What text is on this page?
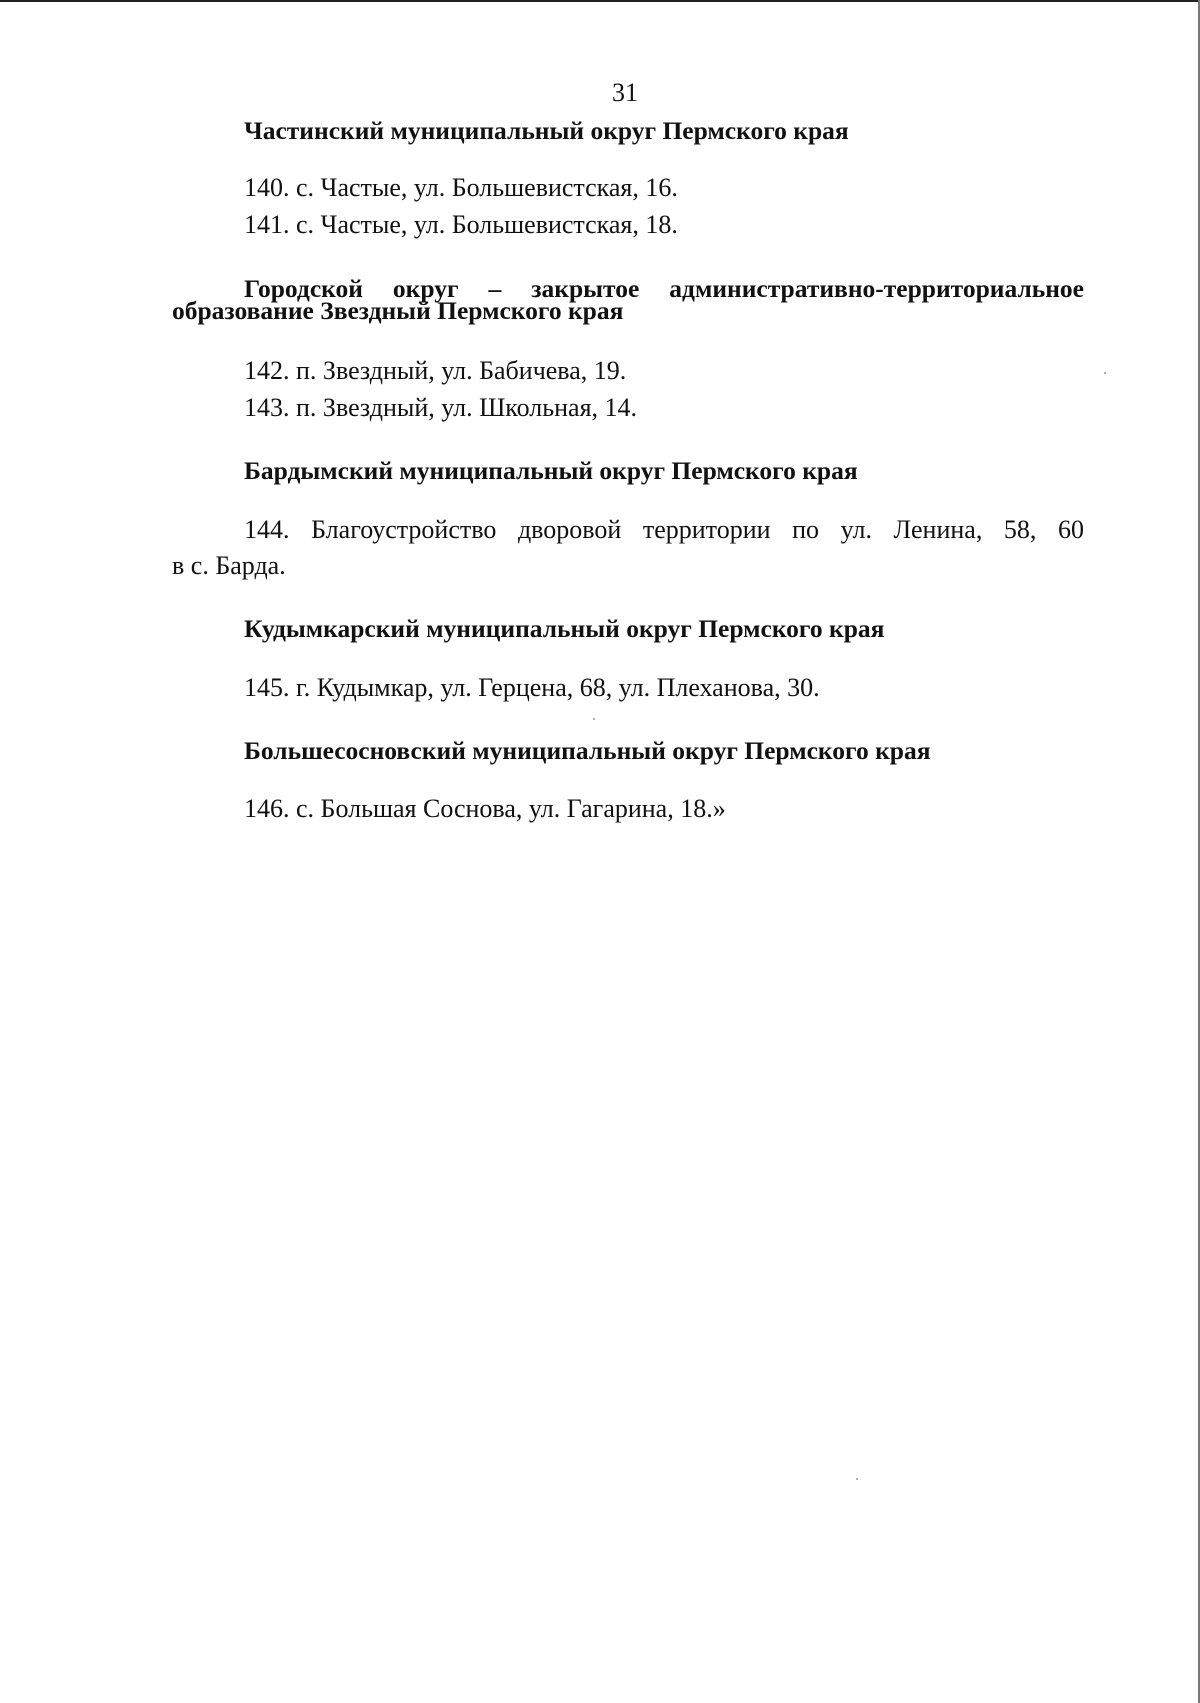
31
Частинский муниципальный округ Пермского края
140. с. Частые, ул. Большевистская, 16.
141. с. Частые, ул. Большевистская, 18.
Городской округ – закрытое административно-территориальное
образование Звездный Пермского края
142. п. Звездный, ул. Бабичева, 19.
143. п. Звездный, ул. Школьная, 14.
Бардымский муниципальный округ Пермского края
144. Благоустройство дворовой территории по ул. Ленина, 58, 60
в с. Барда.
Кудымкарский муниципальный округ Пермского края
145. г. Кудымкар, ул. Герцена, 68, ул. Плеханова, 30.
Большесосновский муниципальный округ Пермского края
146. с. Большая Соснова, ул. Гагарина, 18.»
